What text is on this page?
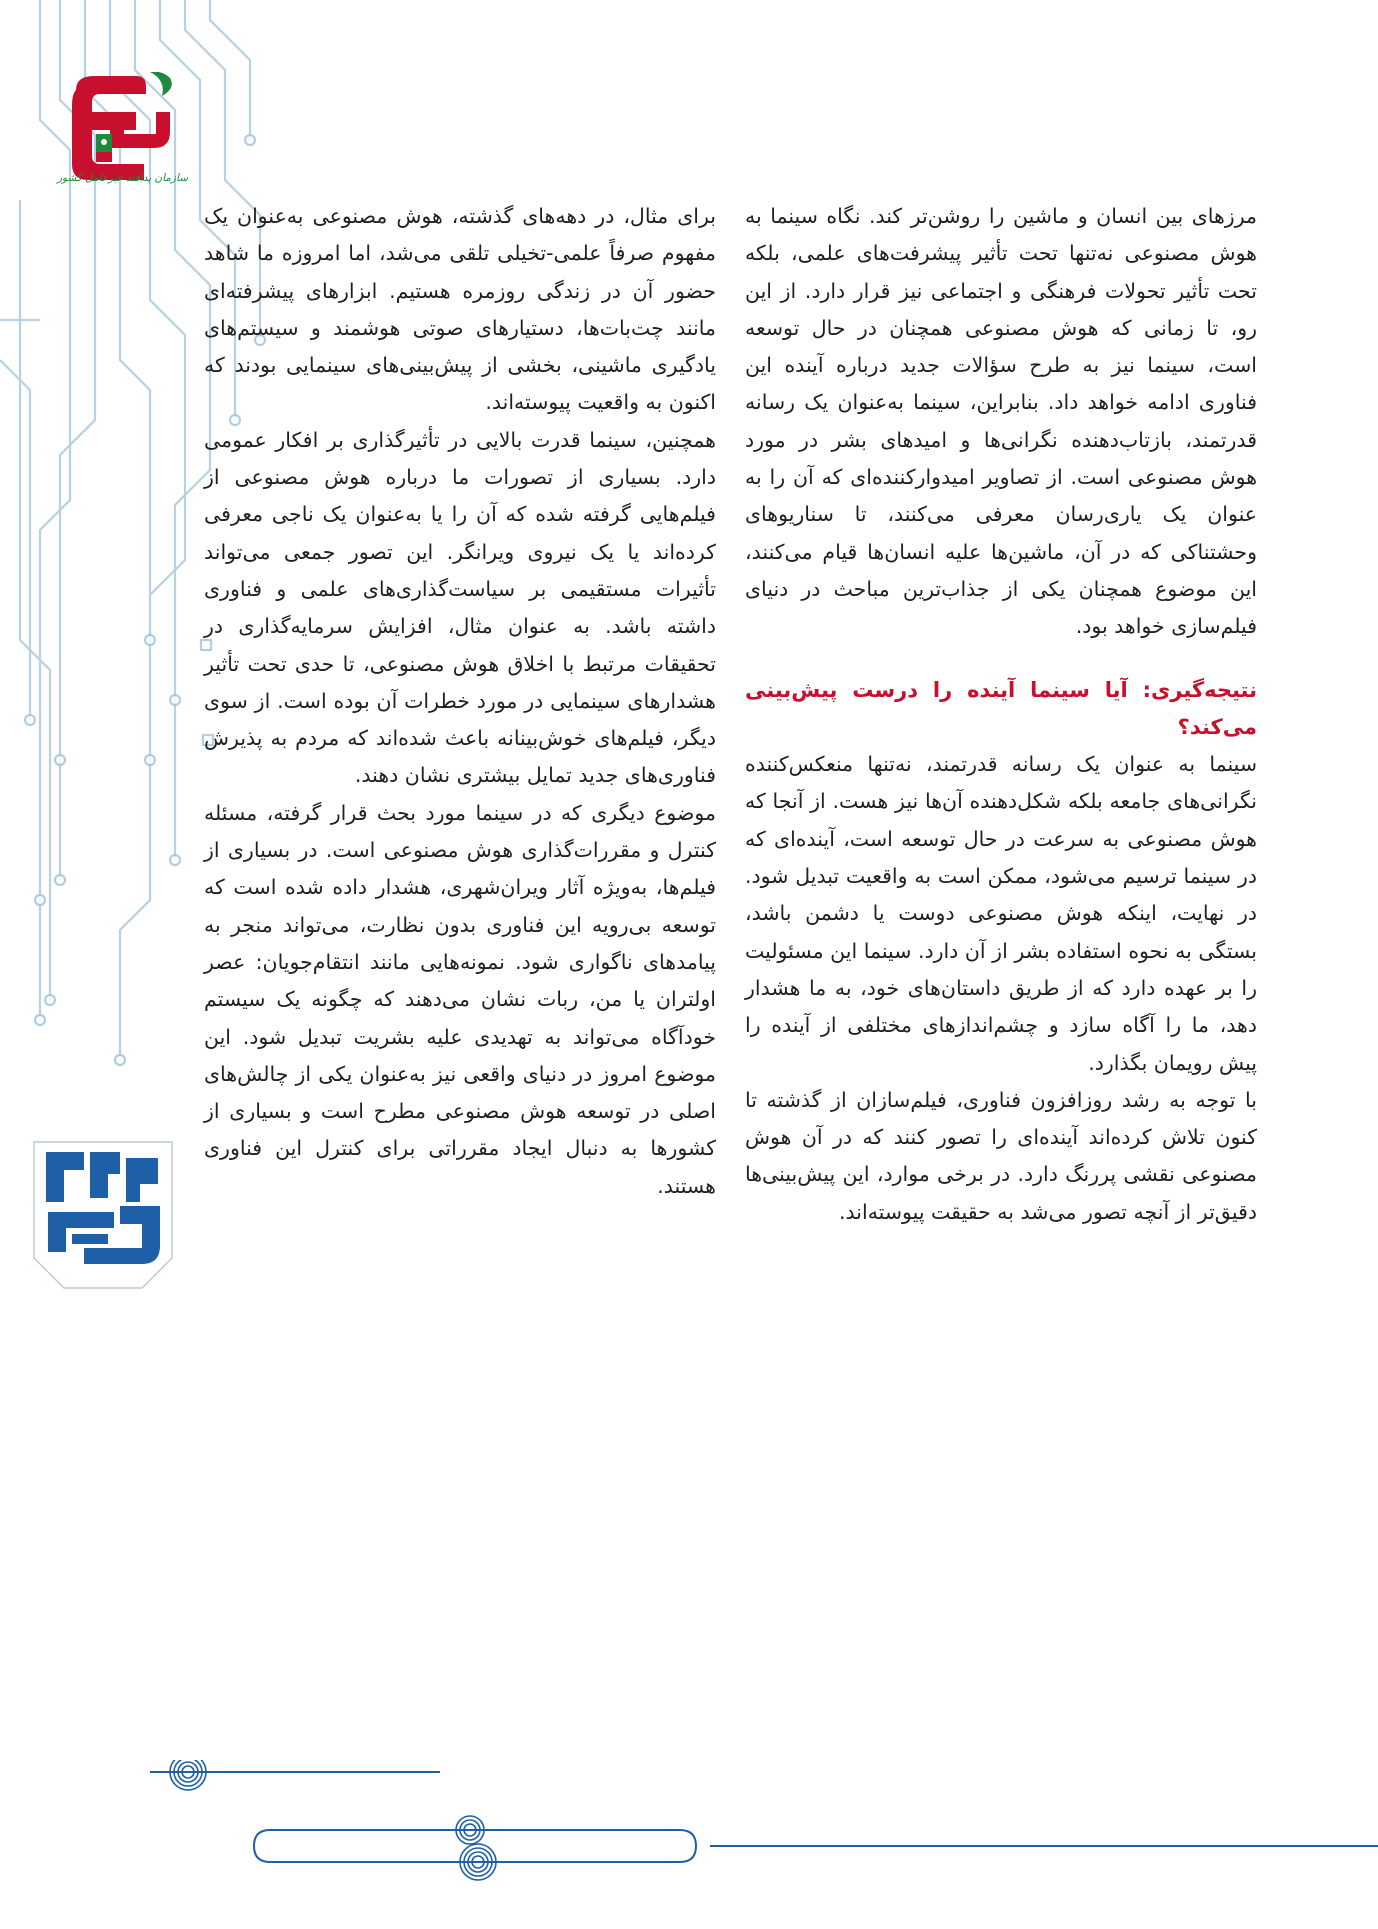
سازمان پدافند غیرعامل کشور

مرزهای بین انسان و ماشین را روشن‌تر کند. نگاه سینما به هوش مصنوعی نه‌تنها تحت تأثیر پیشرفت‌های علمی، بلکه تحت تأثیر تحولات فرهنگی و اجتماعی نیز قرار دارد. از این رو، تا زمانی که هوش مصنوعی همچنان در حال توسعه است، سینما نیز به طرح سؤالات جدید درباره آینده این فناوری ادامه خواهد داد. بنابراین، سینما به‌عنوان یک رسانه قدرتمند، بازتاب‌دهنده نگرانی‌ها و امیدهای بشر در مورد هوش مصنوعی است. از تصاویر امیدوارکننده‌ای که آن را به عنوان یک یاری‌رسان معرفی می‌کنند، تا سناریوهای وحشتناکی که در آن، ماشین‌ها علیه انسان‌ها قیام می‌کنند، این موضوع همچنان یکی از جذاب‌ترین مباحث در دنیای فیلم‌سازی خواهد بود.

نتیجه‌گیری: آیا سینما آینده را درست پیش‌بینی می‌کند؟

سینما به عنوان یک رسانه قدرتمند، نه‌تنها منعکس‌کننده نگرانی‌های جامعه بلکه شکل‌دهنده آن‌ها نیز هست. از آنجا که هوش مصنوعی به سرعت در حال توسعه است، آینده‌ای که در سینما ترسیم می‌شود، ممکن است به واقعیت تبدیل شود. در نهایت، اینکه هوش مصنوعی دوست یا دشمن باشد، بستگی به نحوه استفاده بشر از آن دارد. سینما این مسئولیت را بر عهده دارد که از طریق داستان‌های خود، به ما هشدار دهد، ما را آگاه سازد و چشم‌اندازهای مختلفی از آینده را پیش رویمان بگذارد.

با توجه به رشد روزافزون فناوری، فیلم‌سازان از گذشته تا کنون تلاش کرده‌اند آینده‌ای را تصور کنند که در آن هوش مصنوعی نقشی پررنگ دارد. در برخی موارد، این پیش‌بینی‌ها دقیق‌تر از آنچه تصور می‌شد به حقیقت پیوسته‌اند.

برای مثال، در دهه‌های گذشته، هوش مصنوعی به‌عنوان یک مفهوم صرفاً علمی-تخیلی تلقی می‌شد، اما امروزه ما شاهد حضور آن در زندگی روزمره هستیم. ابزارهای پیشرفته‌ای مانند چت‌بات‌ها، دستیارهای صوتی هوشمند و سیستم‌های یادگیری ماشینی، بخشی از پیش‌بینی‌های سینمایی بودند که اکنون به واقعیت پیوسته‌اند.

همچنین، سینما قدرت بالایی در تأثیرگذاری بر افکار عمومی دارد. بسیاری از تصورات ما درباره هوش مصنوعی از فیلم‌هایی گرفته شده که آن را یا به‌عنوان یک ناجی معرفی کرده‌اند یا یک نیروی ویرانگر. این تصور جمعی می‌تواند تأثیرات مستقیمی بر سیاست‌گذاری‌های علمی و فناوری داشته باشد. به عنوان مثال، افزایش سرمایه‌گذاری در تحقیقات مرتبط با اخلاق هوش مصنوعی، تا حدی تحت تأثیر هشدارهای سینمایی در مورد خطرات آن بوده است. از سوی دیگر، فیلم‌های خوش‌بینانه باعث شده‌اند که مردم به پذیرش فناوری‌های جدید تمایل بیشتری نشان دهند.

موضوع دیگری که در سینما مورد بحث قرار گرفته، مسئله کنترل و مقررات‌گذاری هوش مصنوعی است. در بسیاری از فیلم‌ها، به‌ویژه آثار ویران‌شهری، هشدار داده شده است که توسعه بی‌رویه این فناوری بدون نظارت، می‌تواند منجر به پیامدهای ناگواری شود. نمونه‌هایی مانند انتقام‌جویان: عصر اولتران یا من، ربات نشان می‌دهند که چگونه یک سیستم خودآگاه می‌تواند به تهدیدی علیه بشریت تبدیل شود. این موضوع امروز در دنیای واقعی نیز به‌عنوان یکی از چالش‌های اصلی در توسعه هوش مصنوعی مطرح است و بسیاری از کشورها به دنبال ایجاد مقرراتی برای کنترل این فناوری هستند.
